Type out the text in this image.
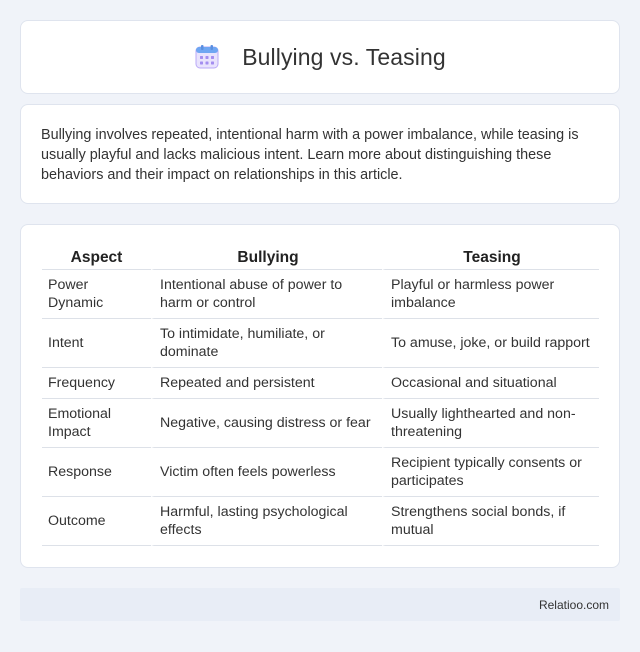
Bullying vs. Teasing

Bullying involves repeated, intentional harm with a power imbalance, while teasing is usually playful and lacks malicious intent. Learn more about distinguishing these behaviors and their impact on relationships in this article.

Aspect	Bullying	Teasing
Power Dynamic	Intentional abuse of power to harm or control	Playful or harmless power imbalance
Intent	To intimidate, humiliate, or dominate	To amuse, joke, or build rapport
Frequency	Repeated and persistent	Occasional and situational
Emotional Impact	Negative, causing distress or fear	Usually lighthearted and non-threatening
Response	Victim often feels powerless	Recipient typically consents or participates
Outcome	Harmful, lasting psychological effects	Strengthens social bonds, if mutual
Relatioo.com
